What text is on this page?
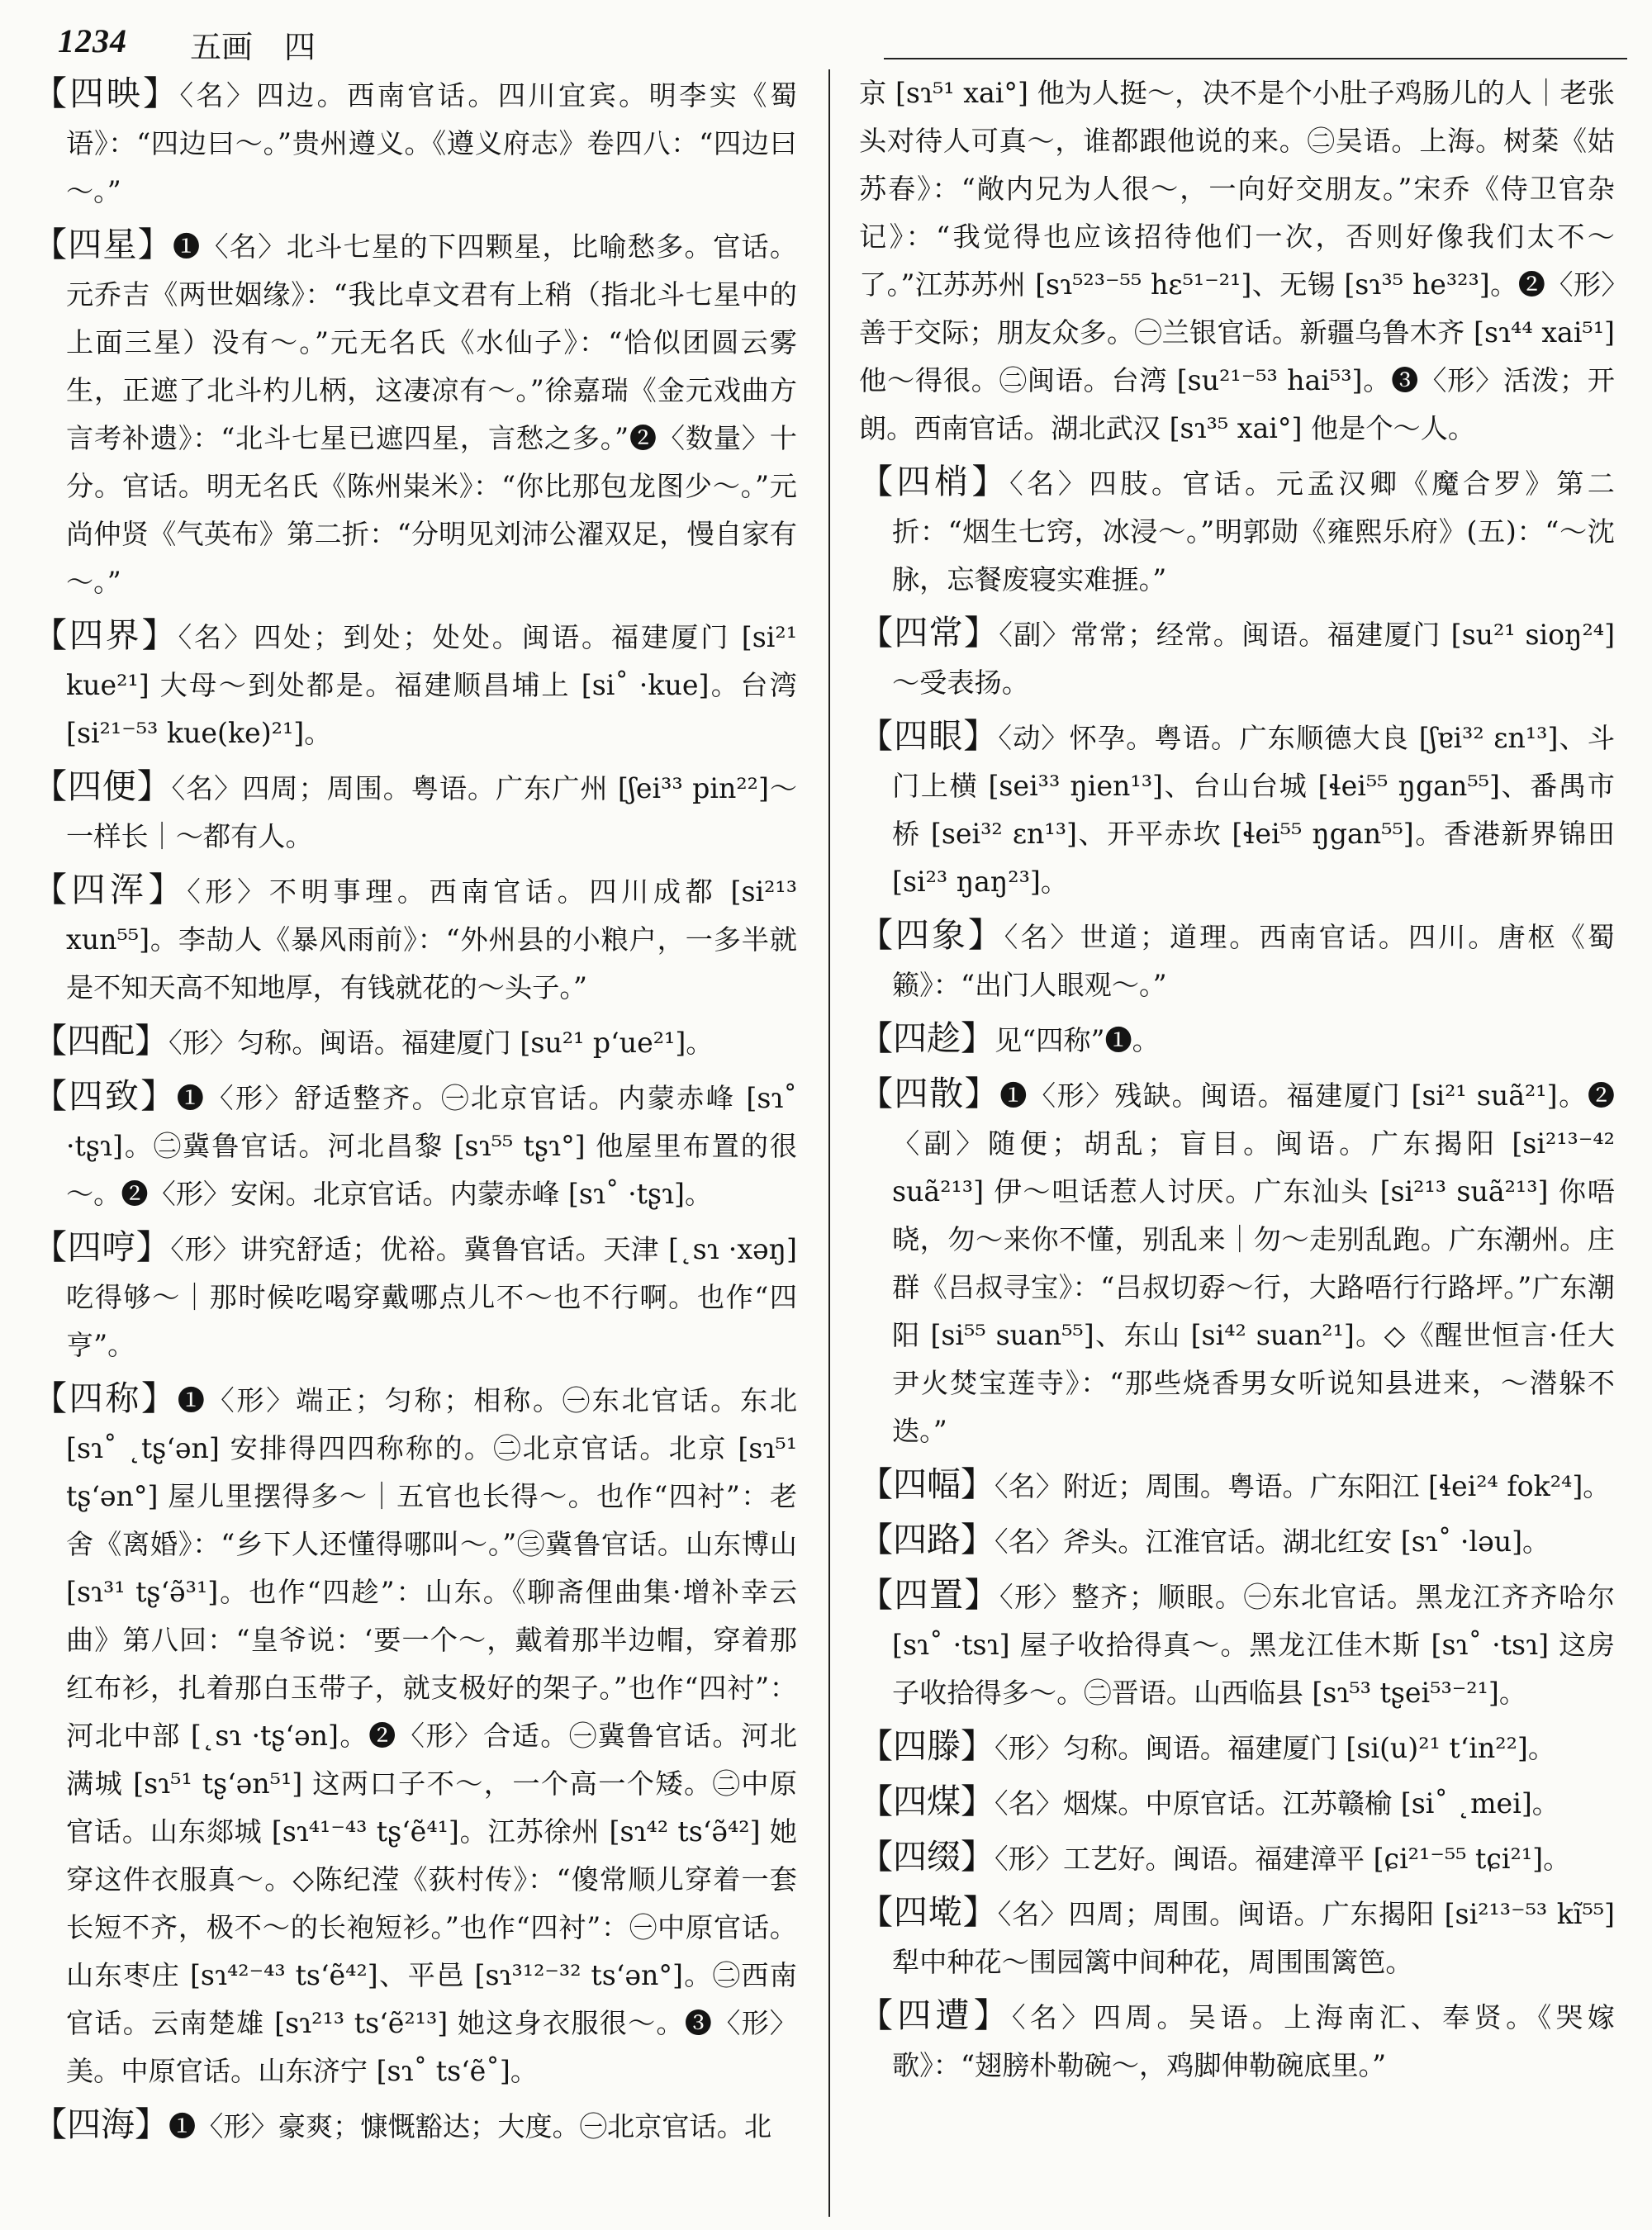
1234 五画　四

【四映】〈名〉四边。西南官话。四川宜宾。明李实《蜀语》：“四边曰～。”贵州遵义。《遵义府志》卷四八：“四边曰～。”

【四星】❶〈名〉北斗七星的下四颗星，比喻愁多。官话。元乔吉《两世姻缘》：“我比卓文君有上稍（指北斗七星中的上面三星）没有～。”元无名氏《水仙子》：“恰似团圆云雾生，正遮了北斗杓儿柄，这凄凉有～。”徐嘉瑞《金元戏曲方言考补遗》：“北斗七星已遮四星，言愁之多。”❷〈数量〉十分。官话。明无名氏《陈州粜米》：“你比那包龙图少～。”元尚仲贤《气英布》第二折：“分明见刘沛公濯双足，慢自家有～。”

【四界】〈名〉四处；到处；处处。闽语。福建厦门 [si²¹ kue²¹] 大母～到处都是。福建顺昌埔上 [si˚ ·kue]。台湾 [si²¹⁻⁵³ kue(ke)²¹]。

【四便】〈名〉四周；周围。粤语。广东广州 [ʃei³³ pin²²]～一样长｜～都有人。

【四浑】〈形〉不明事理。西南官话。四川成都 [si²¹³ xun⁵⁵]。李劼人《暴风雨前》：“外州县的小粮户，一多半就是不知天高不知地厚，有钱就花的～头子。”

【四配】〈形〉匀称。闽语。福建厦门 [su²¹ p‘ue²¹]。

【四致】❶〈形〉舒适整齐。㊀北京官话。内蒙赤峰 [sɿ˚ ·tʂɿ]。㊁冀鲁官话。河北昌黎 [sɿ⁵⁵ tʂɿ°] 他屋里布置的很～。❷〈形〉安闲。北京官话。内蒙赤峰 [sɿ˚ ·tʂɿ]。

【四哼】〈形〉讲究舒适；优裕。冀鲁官话。天津 [˛sɿ ·xəŋ] 吃得够～｜那时候吃喝穿戴哪点儿不～也不行啊。也作“四亨”。

【四称】❶〈形〉端正；匀称；相称。㊀东北官话。东北 [sɿ˚ ˛tʂ‘ən] 安排得四四称称的。㊁北京官话。北京 [sɿ⁵¹ tʂ‘ən°] 屋儿里摆得多～｜五官也长得～。也作“四衬”：老舍《离婚》：“乡下人还懂得哪叫～。”㊂冀鲁官话。山东博山 [sɿ³¹ tʂ‘ə̃³¹]。也作“四趁”：山东。《聊斋俚曲集·增补幸云曲》第八回：“皇爷说：‘要一个～，戴着那半边帽，穿着那红布衫，扎着那白玉带子，就支极好的架子。”也作“四衬”：河北中部 [˛sɿ ·tʂ‘ən]。❷〈形〉合适。㊀冀鲁官话。河北满城 [sɿ⁵¹ tʂ‘ən⁵¹] 这两口子不～，一个高一个矮。㊁中原官话。山东郯城 [sɿ⁴¹⁻⁴³ tʂ‘ẽ⁴¹]。江苏徐州 [sɿ⁴² ts‘ə̃⁴²] 她穿这件衣服真～。◇陈纪滢《荻村传》：“傻常顺儿穿着一套长短不齐，极不～的长袍短衫。”也作“四衬”：㊀中原官话。山东枣庄 [sɿ⁴²⁻⁴³ ts‘ẽ⁴²]、平邑 [sɿ³¹²⁻³² ts‘ən°]。㊁西南官话。云南楚雄 [sɿ²¹³ ts‘ẽ²¹³] 她这身衣服很～。❸〈形〉美。中原官话。山东济宁 [sɿ˚ ts‘ẽ˚]。

【四海】❶〈形〉豪爽；慷慨豁达；大度。㊀北京官话。北

京 [sɿ⁵¹ xai°] 他为人挺～，决不是个小肚子鸡肠儿的人｜老张头对待人可真～，谁都跟他说的来。㊁吴语。上海。树棻《姑苏春》：“敞内兄为人很～，一向好交朋友。”宋乔《侍卫官杂记》：“我觉得也应该招待他们一次，否则好像我们太不～了。”江苏苏州 [sɿ⁵²³⁻⁵⁵ hɛ⁵¹⁻²¹]、无锡 [sɿ³⁵ he³²³]。❷〈形〉善于交际；朋友众多。㊀兰银官话。新疆乌鲁木齐 [sɿ⁴⁴ xai⁵¹] 他～得很。㊁闽语。台湾 [su²¹⁻⁵³ hai⁵³]。❸〈形〉活泼；开朗。西南官话。湖北武汉 [sɿ³⁵ xai°] 他是个～人。

【四梢】〈名〉四肢。官话。元孟汉卿《魔合罗》第二折：“烟生七窍，冰浸～。”明郭勋《雍熙乐府》(五)：“～沈脉，忘餐废寝实难捱。”

【四常】〈副〉常常；经常。闽语。福建厦门 [su²¹ sioŋ²⁴] ～受表扬。

【四眼】〈动〉怀孕。粤语。广东顺德大良 [ʃɐi³² ɛn¹³]、斗门上横 [sei³³ ŋien¹³]、台山台城 [ɬei⁵⁵ ŋgan⁵⁵]、番禺市桥 [sei³² ɛn¹³]、开平赤坎 [ɬei⁵⁵ ŋgan⁵⁵]。香港新界锦田 [si²³ ŋaŋ²³]。

【四象】〈名〉世道；道理。西南官话。四川。唐枢《蜀籁》：“出门人眼观～。”

【四趁】见“四称”❶。

【四散】❶〈形〉残缺。闽语。福建厦门 [si²¹ suã²¹]。❷〈副〉随便；胡乱；盲目。闽语。广东揭阳 [si²¹³⁻⁴² suã²¹³] 伊～呾话惹人讨厌。广东汕头 [si²¹³ suã²¹³] 你唔晓，勿～来你不懂，别乱来｜勿～走别乱跑。广东潮州。庄群《吕叔寻宝》：“吕叔切孬～行，大路唔行行路坪。”广东潮阳 [si⁵⁵ suan⁵⁵]、东山 [si⁴² suan²¹]。◇《醒世恒言·任大尹火焚宝莲寺》：“那些烧香男女听说知县进来，～潜躲不迭。”

【四幅】〈名〉附近；周围。粤语。广东阳江 [ɬei²⁴ fok²⁴]。

【四路】〈名〉斧头。江淮官话。湖北红安 [sɿ˚ ·ləu]。

【四置】〈形〉整齐；顺眼。㊀东北官话。黑龙江齐齐哈尔 [sɿ˚ ·tsɿ] 屋子收拾得真～。黑龙江佳木斯 [sɿ˚ ·tsɿ] 这房子收拾得多～。㊁晋语。山西临县 [sɿ⁵³ tʂei⁵³⁻²¹]。

【四滕】〈形〉匀称。闽语。福建厦门 [si(u)²¹ t‘in²²]。

【四煤】〈名〉烟煤。中原官话。江苏赣榆 [si˚ ˛mei]。

【四缀】〈形〉工艺好。闽语。福建漳平 [ɕi²¹⁻⁵⁵ tɕi²¹]。

【四墘】〈名〉四周；周围。闽语。广东揭阳 [si²¹³⁻⁵³ kĩ⁵⁵] 犁中种花～围园篱中间种花，周围围篱笆。

【四遭】〈名〉四周。吴语。上海南汇、奉贤。《哭嫁歌》：“翅膀朴勒碗～，鸡脚伸勒碗底里。”
